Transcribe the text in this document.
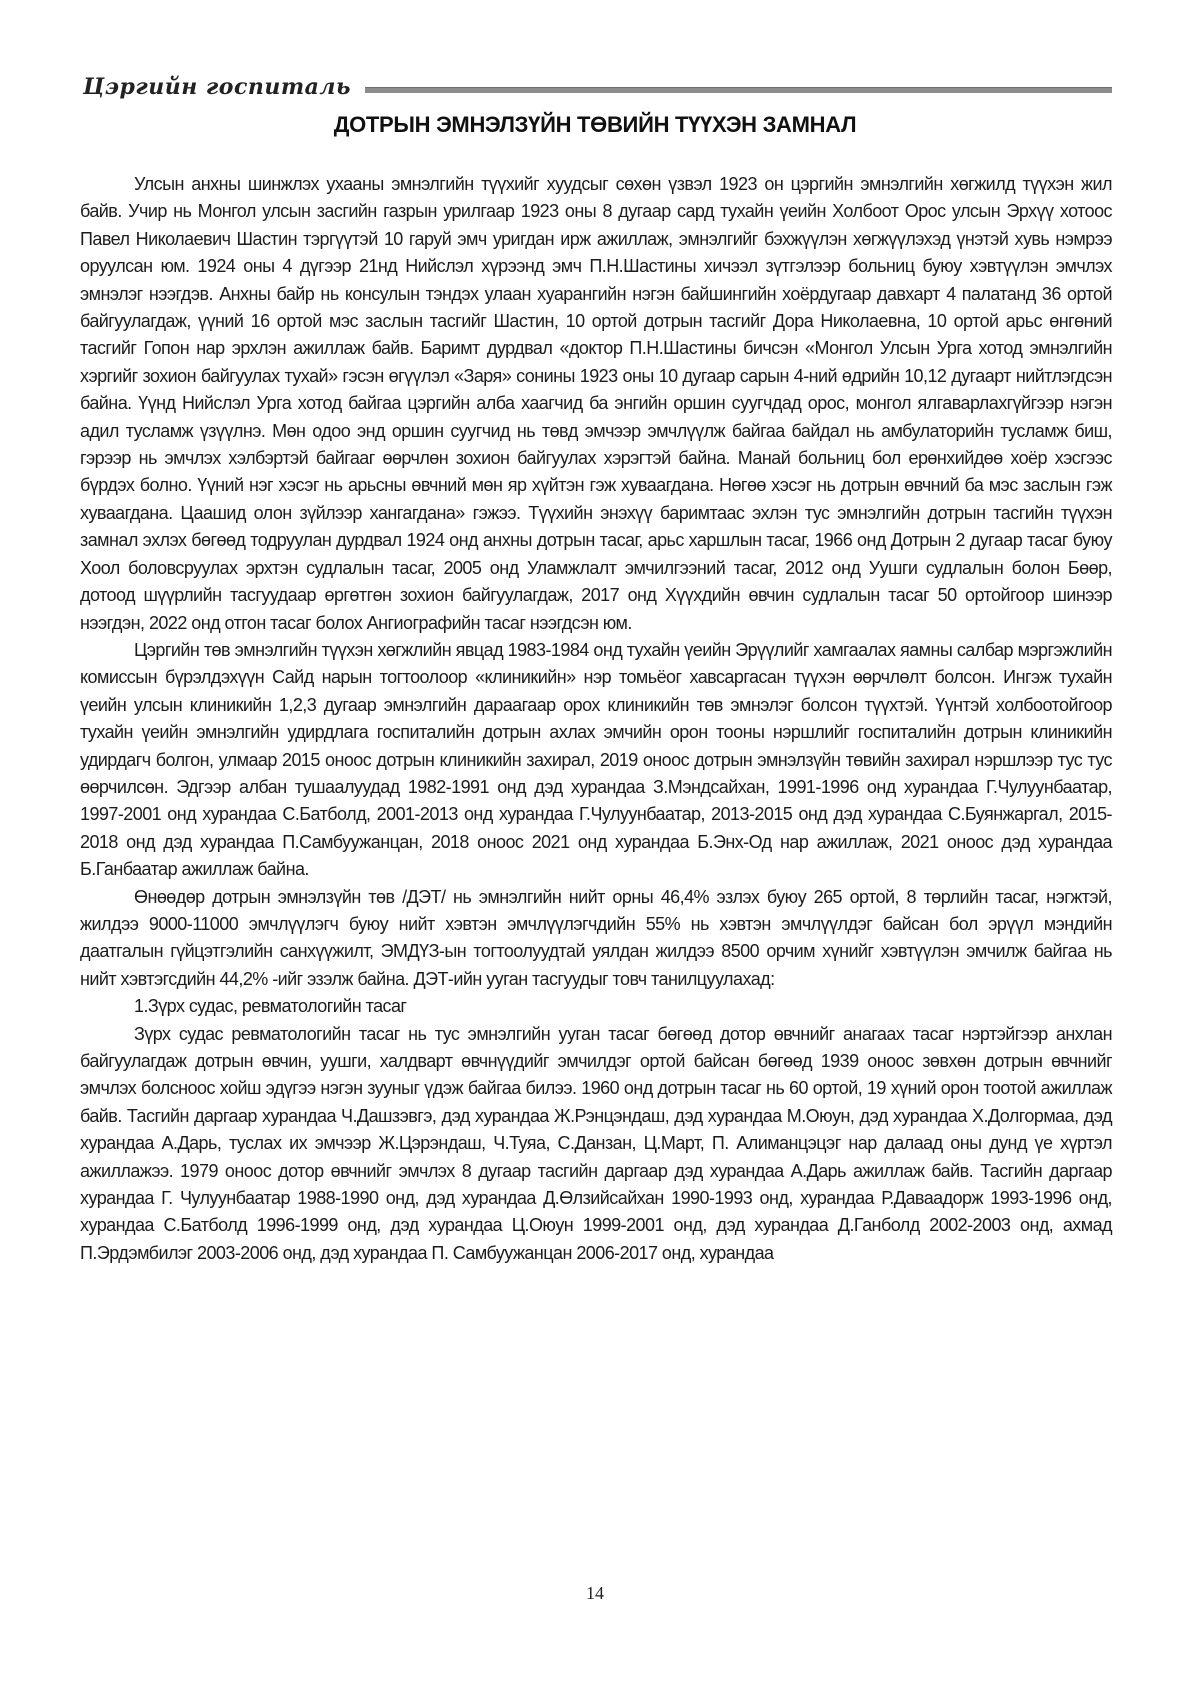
Цэргийн госпиталь
ДОТРЫН ЭМНЭЛЗҮЙН ТӨВИЙН ТҮҮХЭН ЗАМНАЛ

Улсын анхны шинжлэх ухааны эмнэлгийн түүхийг хуудсыг сөхөн үзвэл 1923 он цэргийн эмнэлгийн хөгжилд түүхэн жил байв. Учир нь Монгол улсын засгийн газрын урилгаар 1923 оны 8 дугаар сард тухайн үеийн Холбоот Орос улсын Эрхүү хотоос Павел Николаевич Шастин тэргүүтэй 10 гаруй эмч уригдан ирж ажиллаж, эмнэлгийг бэхжүүлэн хөгжүүлэхэд үнэтэй хувь нэмрээ оруулсан юм. 1924 оны 4 дүгээр 21нд Нийслэл хүрээнд эмч П.Н.Шастины хичээл зүтгэлээр больниц буюу хэвтүүлэн эмчлэх эмнэлэг нээгдэв. Анхны байр нь консулын тэндэх улаан хуарангийн нэгэн байшингийн хоёрдугаар давхарт 4 палатанд 36 ортой байгуулагдаж, үүний 16 ортой мэс заслын тасгийг Шастин, 10 ортой дотрын тасгийг Дора Николаевна, 10 ортой арьс өнгөний тасгийг Гопон нар эрхлэн ажиллаж байв. Баримт дурдвал «доктор П.Н.Шастины бичсэн «Монгол Улсын Урга хотод эмнэлгийн хэргийг зохион байгуулах тухай» гэсэн өгүүлэл «Заря» сонины 1923 оны 10 дугаар сарын 4-ний өдрийн 10,12 дугаарт нийтлэгдсэн байна. Үүнд Нийслэл Урга хотод байгаа цэргийн алба хаагчид ба энгийн оршин суугчдад орос, монгол ялгаварлахгүйгээр нэгэн адил тусламж үзүүлнэ. Мөн одоо энд оршин суугчид нь төвд эмчээр эмчлүүлж байгаа байдал нь амбулаторийн тусламж биш, гэрээр нь эмчлэх хэлбэртэй байгааг өөрчлөн зохион байгуулах хэрэгтэй байна. Манай больниц бол ерөнхийдөө хоёр хэсгээс бүрдэх болно. Үүний нэг хэсэг нь арьсны өвчний мөн яр хүйтэн гэж хуваагдана. Нөгөө хэсэг нь дотрын өвчний ба мэс заслын гэж хуваагдана. Цаашид олон зүйлээр хангагдана» гэжээ. Түүхийн энэхүү баримтаас эхлэн тус эмнэлгийн дотрын тасгийн түүхэн замнал эхлэх бөгөөд тодруулан дурдвал 1924 онд анхны дотрын тасаг, арьс харшлын тасаг, 1966 онд Дотрын 2 дугаар тасаг буюу Хоол боловсруулах эрхтэн судлалын тасаг, 2005 онд Уламжлалт эмчилгээний тасаг, 2012 онд Уушги судлалын болон Бөөр, дотоод шүүрлийн тасгуудаар өргөтгөн зохион байгуулагдаж, 2017 онд Хүүхдийн өвчин судлалын тасаг 50 ортойгоор шинээр нээгдэн, 2022 онд отгон тасаг болох Ангиографийн тасаг нээгдсэн юм.

Цэргийн төв эмнэлгийн түүхэн хөгжлийн явцад 1983-1984 онд тухайн үеийн Эрүүлийг хамгаалах яамны салбар мэргэжлийн комиссын бүрэлдэхүүн Сайд нарын тогтоолоор «клиникийн» нэр томьёог хавсаргасан түүхэн өөрчлөлт болсон. Ингэж тухайн үеийн улсын клиникийн 1,2,3 дугаар эмнэлгийн дараагаар орох клиникийн төв эмнэлэг болсон түүхтэй. Үүнтэй холбоотойгоор тухайн үеийн эмнэлгийн удирдлага госпиталийн дотрын ахлах эмчийн орон тооны нэршлийг госпиталийн дотрын клиникийн удирдагч болгон, улмаар 2015 оноос дотрын клиникийн захирал, 2019 оноос дотрын эмнэлзүйн төвийн захирал нэршлээр тус тус өөрчилсөн. Эдгээр албан тушаалуудад 1982-1991 онд дэд хурандаа З.Мэндсайхан, 1991-1996 онд хурандаа Г.Чулуунбаатар, 1997-2001 онд хурандаа С.Батболд, 2001-2013 онд хурандаа Г.Чулуунбаатар, 2013-2015 онд дэд хурандаа С.Буянжаргал, 2015-2018 онд дэд хурандаа П.Самбуужанцан, 2018 оноос 2021 онд хурандаа Б.Энх-Од нар ажиллаж, 2021 оноос дэд хурандаа Б.Ганбаатар ажиллаж байна.

Өнөөдөр дотрын эмнэлзүйн төв /ДЭТ/ нь эмнэлгийн нийт орны 46,4% эзлэх буюу 265 ортой, 8 төрлийн тасаг, нэгжтэй, жилдээ 9000-11000 эмчлүүлэгч буюу нийт хэвтэн эмчлүүлэгчдийн 55% нь хэвтэн эмчлүүлдэг байсан бол эрүүл мэндийн даатгалын гүйцэтгэлийн санхүүжилт, ЭМДҮЗ-ын тогтоолуудтай уялдан жилдээ 8500 орчим хүнийг хэвтүүлэн эмчилж байгаа нь нийт хэвтэгсдийн 44,2% -ийг эзэлж байна. ДЭТ-ийн ууган тасгуудыг товч танилцуулахад:

1.Зүрх судас, ревматологийн тасаг

Зүрх судас ревматологийн тасаг нь тус эмнэлгийн ууган тасаг бөгөөд дотор өвчнийг анагаах тасаг нэртэйгээр анхлан байгуулагдаж дотрын өвчин, уушги, халдварт өвчнүүдийг эмчилдэг ортой байсан бөгөөд 1939 оноос зөвхөн дотрын өвчнийг эмчлэх болсноос хойш эдүгээ нэгэн зууныг үдэж байгаа билээ. 1960 онд дотрын тасаг нь 60 ортой, 19 хүний орон тоотой ажиллаж байв. Тасгийн даргаар хурандаа Ч.Дашзэвгэ, дэд хурандаа Ж.Рэнцэндаш, дэд хурандаа М.Оюун, дэд хурандаа Х.Долгормаа, дэд хурандаа А.Дарь, туслах их эмчээр Ж.Цэрэндаш, Ч.Туяа, С.Данзан, Ц.Март, П. Алиманцэцэг нар далаад оны дунд үе хүртэл ажиллажээ. 1979 оноос дотор өвчнийг эмчлэх 8 дугаар тасгийн даргаар дэд хурандаа А.Дарь ажиллаж байв. Тасгийн даргаар хурандаа Г. Чулуунбаатар 1988-1990 онд, дэд хурандаа Д.Өлзийсайхан 1990-1993 онд, хурандаа Р.Даваадорж 1993-1996 онд, хурандаа С.Батболд 1996-1999 онд, дэд хурандаа Ц.Оюун 1999-2001 онд, дэд хурандаа Д.Ганболд 2002-2003 онд, ахмад П.Эрдэмбилэг 2003-2006 онд, дэд хурандаа П. Самбуужанцан 2006-2017 онд, хурандаа

14
